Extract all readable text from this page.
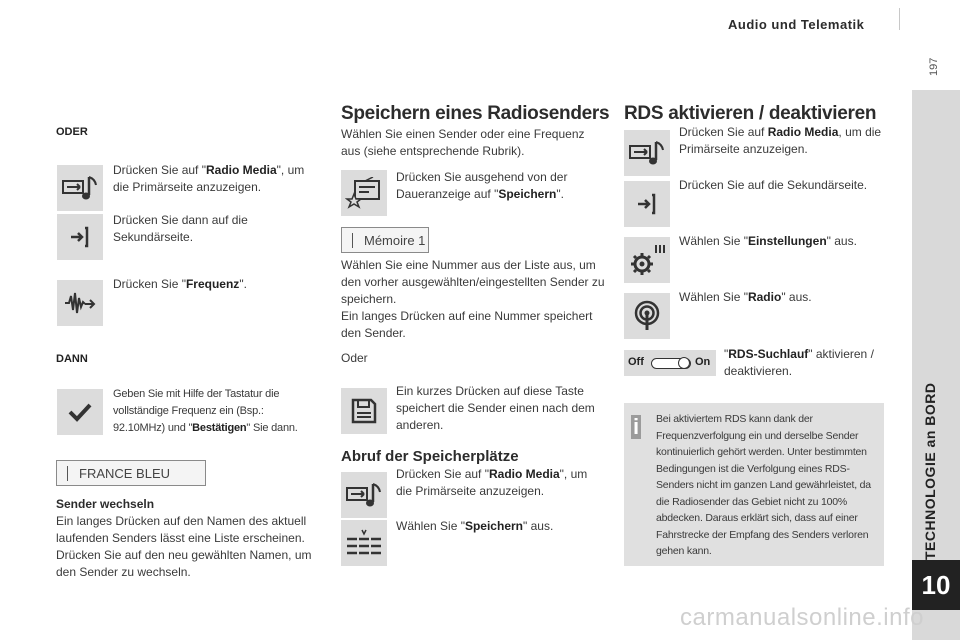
Audio und Telematik
197
TECHNOLOGIE an BORD
10
ODER
Drücken Sie auf "Radio Media", um die Primärseite anzuzeigen.
Drücken Sie dann auf die Sekundärseite.
Drücken Sie "Frequenz".
DANN
Geben Sie mit Hilfe der Tastatur die vollständige Frequenz ein (Bsp.: 92.10MHz) und "Bestätigen" Sie dann.
FRANCE BLEU
Sender wechseln
Ein langes Drücken auf den Namen des aktuell laufenden Senders lässt eine Liste erscheinen. Drücken Sie auf den neu gewählten Namen, um den Sender zu wechseln.
Speichern eines Radiosenders
Wählen Sie einen Sender oder eine Frequenz aus (siehe entsprechende Rubrik).
Drücken Sie ausgehend von der Daueranzeige auf "Speichern".
Mémoire 1
Wählen Sie eine Nummer aus der Liste aus, um den vorher ausgewählten/eingestellten Sender zu speichern.
Ein langes Drücken auf eine Nummer speichert den Sender.
Oder
Ein kurzes Drücken auf diese Taste speichert die Sender einen nach dem anderen.
Abruf der Speicherplätze
Drücken Sie auf "Radio Media", um die Primärseite anzuzeigen.
Wählen Sie "Speichern" aus.
RDS aktivieren / deaktivieren
Drücken Sie auf Radio Media, um die Primärseite anzuzeigen.
Drücken Sie auf die Sekundärseite.
Wählen Sie "Einstellungen" aus.
Wählen Sie "Radio" aus.
Off	On
"RDS-Suchlauf" aktivieren / deaktivieren.
i Bei aktiviertem RDS kann dank der Frequenzverfolgung ein und derselbe Sender kontinuierlich gehört werden. Unter bestimmten Bedingungen ist die Verfolgung eines RDS-Senders nicht im ganzen Land gewährleistet, da die Radiosender das Gebiet nicht zu 100% abdecken. Daraus erklärt sich, dass auf einer Fahrstrecke der Empfang des Senders verloren gehen kann.
carmanualsonline.info
